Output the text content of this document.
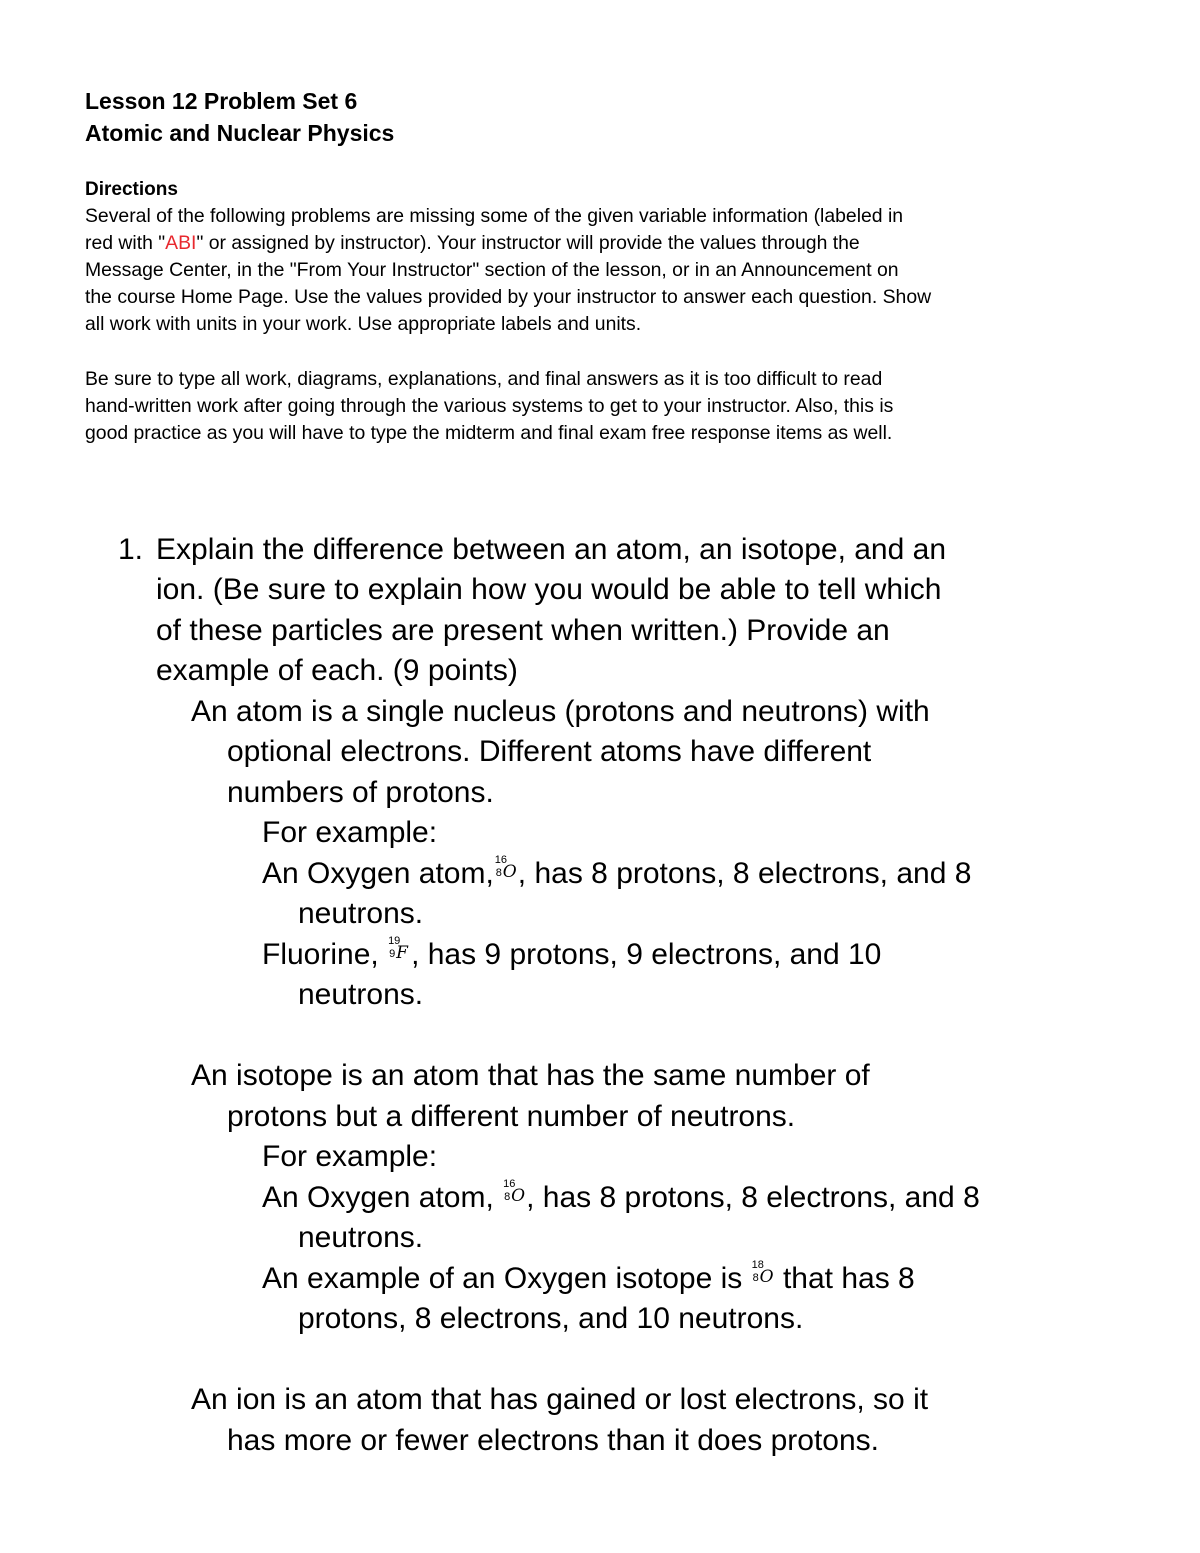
Lesson 12 Problem Set 6
Atomic and Nuclear Physics
Directions

Several of the following problems are missing some of the given variable information (labeled in

red with "ABI" or assigned by instructor). Your instructor will provide the values through the

Message Center, in the "From Your Instructor" section of the lesson, or in an Announcement on

the course Home Page. Use the values provided by your instructor to answer each question. Show

all work with units in your work. Use appropriate labels and units.

Be sure to type all work, diagrams, explanations, and final answers as it is too difficult to read

hand-written work after going through the various systems to get to your instructor. Also, this is

good practice as you will have to type the midterm and final exam free response items as well.

1. Explain the difference between an atom, an isotope, and an
ion. (Be sure to explain how you would be able to tell which
of these particles are present when written.) Provide an
example of each. (9 points)
An atom is a single nucleus (protons and neutrons) with
optional electrons. Different atoms have different
numbers of protons.
For example:
An Oxygen atom, 16
8 O , has 8 protons, 8 electrons, and 8
neutrons.
Fluorine, 19
9 F , has 9 protons, 9 electrons, and 10
neutrons.
An isotope is an atom that has the same number of
protons but a different number of neutrons.
For example:
An Oxygen atom, 16
8 O , has 8 protons, 8 electrons, and 8
neutrons.
An example of an Oxygen isotope is 18
8 O that has 8
protons, 8 electrons, and 10 neutrons.
An ion is an atom that has gained or lost electrons, so it
has more or fewer electrons than it does protons.
